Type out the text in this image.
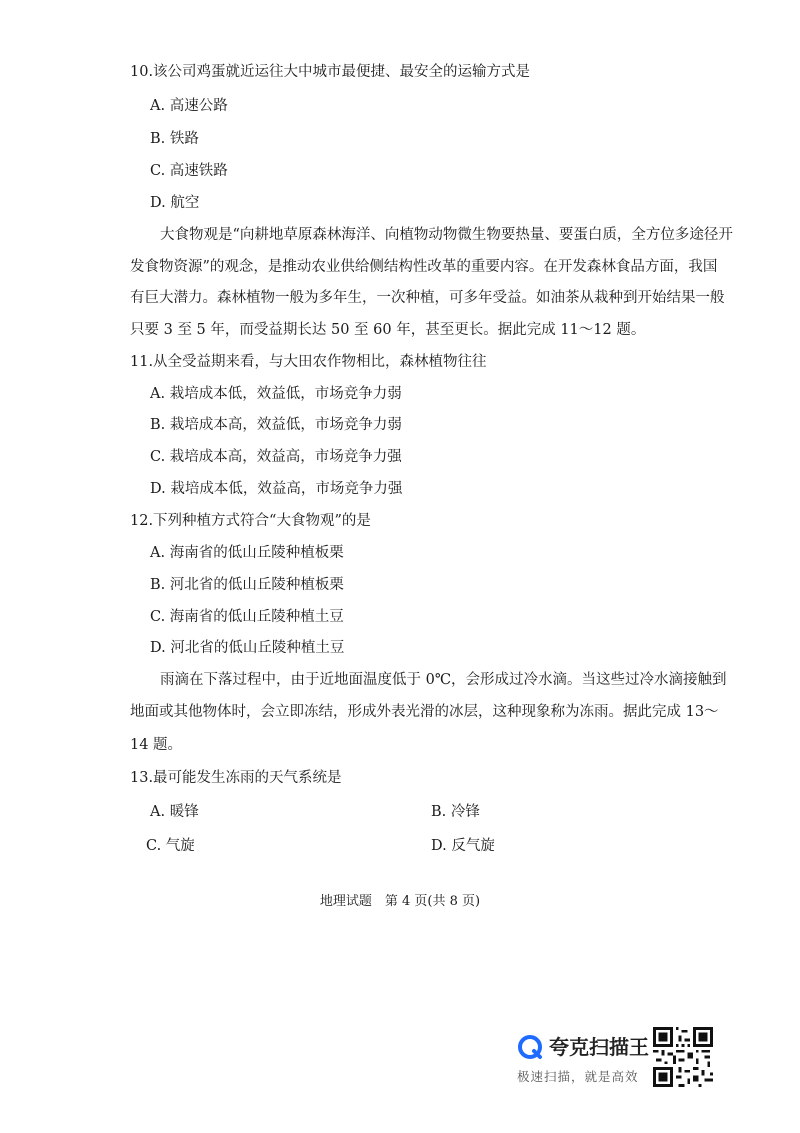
10.该公司鸡蛋就近运往大中城市最便捷、最安全的运输方式是
A. 高速公路
B. 铁路
C. 高速铁路
D. 航空
大食物观是“向耕地草原森林海洋、向植物动物微生物要热量、要蛋白质，全方位多途径开
发食物资源”的观念，是推动农业供给侧结构性改革的重要内容。在开发森林食品方面，我国
有巨大潜力。森林植物一般为多年生，一次种植，可多年受益。如油茶从栽种到开始结果一般
只要 3 至 5 年，而受益期长达 50 至 60 年，甚至更长。据此完成 11～12 题。
11.从全受益期来看，与大田农作物相比，森林植物往往
A. 栽培成本低，效益低，市场竞争力弱
B. 栽培成本高，效益低，市场竞争力弱
C. 栽培成本高，效益高，市场竞争力强
D. 栽培成本低，效益高，市场竞争力强
12.下列种植方式符合“大食物观”的是
A. 海南省的低山丘陵种植板栗
B. 河北省的低山丘陵种植板栗
C. 海南省的低山丘陵种植土豆
D. 河北省的低山丘陵种植土豆
雨滴在下落过程中，由于近地面温度低于 0℃，会形成过冷水滴。当这些过冷水滴接触到
地面或其他物体时，会立即冻结，形成外表光滑的冰层，这种现象称为冻雨。据此完成 13～
14 题。
13.最可能发生冻雨的天气系统是
A. 暖锋	B. 冷锋
C. 气旋	D. 反气旋
地理试题　第 4 页(共 8 页)
夸克扫描王
极速扫描，就是高效
